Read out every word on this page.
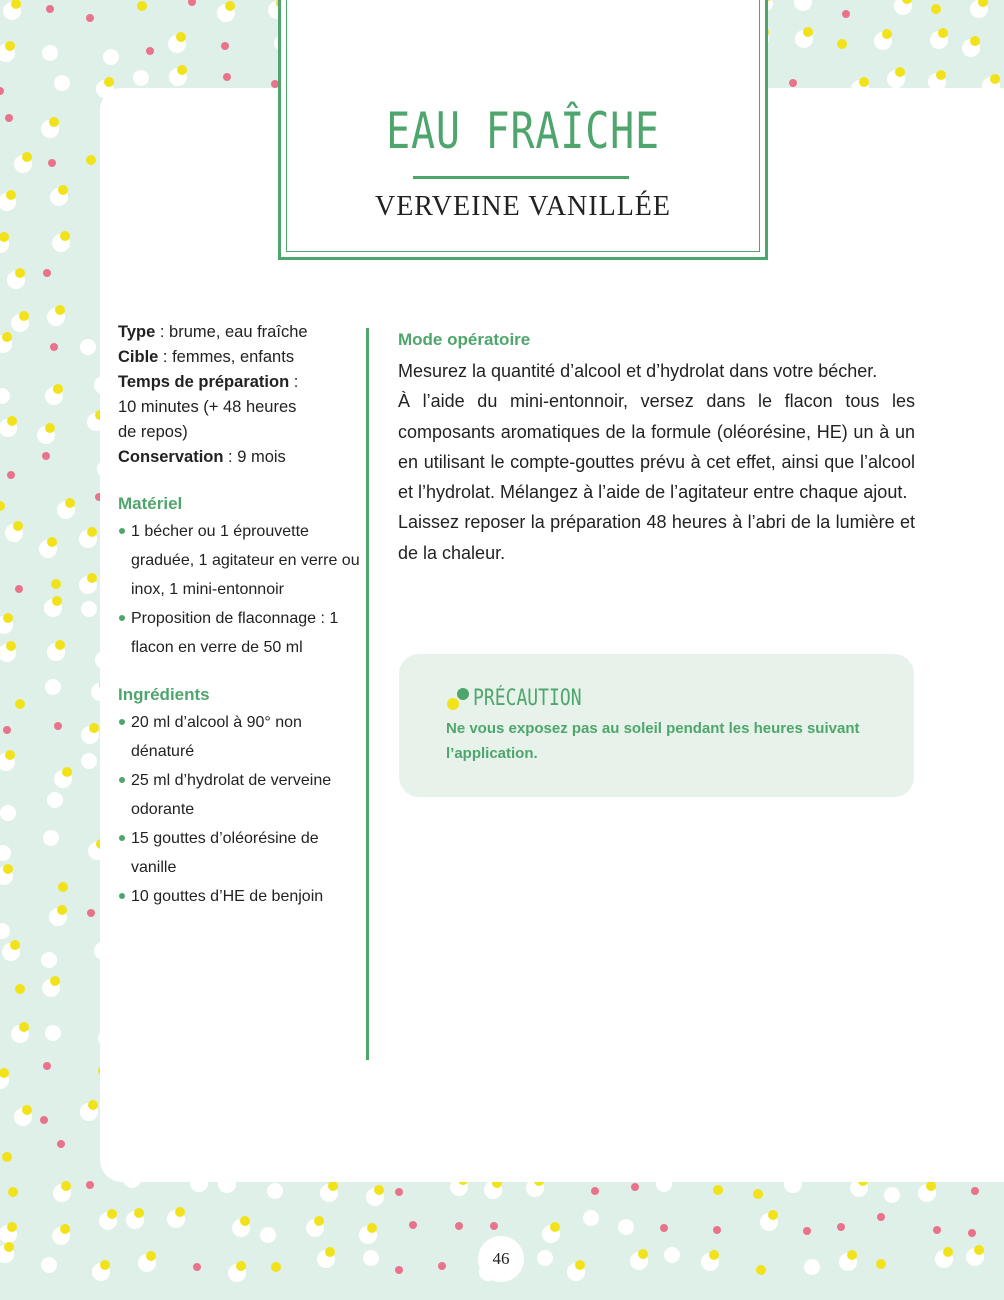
EAU FRAÎCHE
VERVEINE VANILLÉE
Type : brume, eau fraîche
Cible : femmes, enfants
Temps de préparation :
10 minutes (+ 48 heures
de repos)
Conservation : 9 mois
Matériel
1 bécher ou 1 éprouvette graduée, 1 agitateur en verre ou inox, 1 mini-entonnoir
Proposition de flaconnage : 1 flacon en verre de 50 ml
Ingrédients
20 ml d’alcool à 90° non dénaturé
25 ml d’hydrolat de verveine odorante
15 gouttes d’oléorésine de vanille
10 gouttes d’HE de benjoin
Mode opératoire

Mesurez la quantité d’alcool et d’hydrolat dans votre bécher.

À l’aide du mini-entonnoir, versez dans le flacon tous les composants aromatiques de la formule (oléorésine, HE) un à un en utilisant le compte-gouttes prévu à cet effet, ainsi que l’alcool et l’hydrolat. Mélangez à l’aide de l’agitateur entre chaque ajout.

Laissez reposer la préparation 48 heures à l’abri de la lumière et de la chaleur.

PRÉCAUTION

Ne vous exposez pas au soleil pendant les heures suivant l’application.

46
